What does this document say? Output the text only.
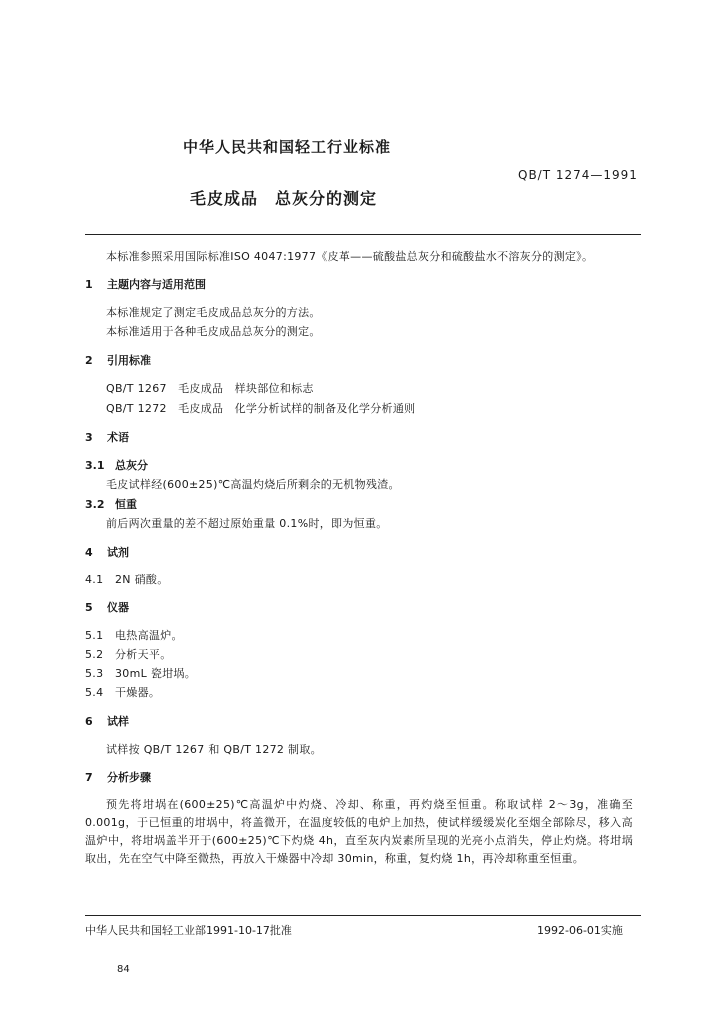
中华人民共和国轻工行业标准
QB/T 1274—1991
毛皮成品　总灰分的测定
本标准参照采用国际标准ISO 4047:1977《皮革——硫酸盐总灰分和硫酸盐水不溶灰分的测定》。
1 主题内容与适用范围
本标准规定了测定毛皮成品总灰分的方法。
本标准适用于各种毛皮成品总灰分的测定。
2 引用标准
QB/T 1267　毛皮成品　样块部位和标志
QB/T 1272　毛皮成品　化学分析试样的制备及化学分析通则
3 术语
3.1 总灰分
毛皮试样经(600±25)℃高温灼烧后所剩余的无机物残渣。
3.2 恒重
前后两次重量的差不超过原始重量 0.1%时，即为恒重。
4 试剂
4.1 2N 硝酸。
5 仪器
5.1 电热高温炉。
5.2 分析天平。
5.3 30mL 瓷坩埚。
5.4 干燥器。
6 试样
试样按 QB/T 1267 和 QB/T 1272 制取。
7 分析步骤
预先将坩埚在(600±25)℃高温炉中灼烧、冷却、称重，再灼烧至恒重。称取试样 2～3g，准确至 0.001g，于已恒重的坩埚中，将盖微开，在温度较低的电炉上加热，使试样缓缓炭化至烟全部除尽，移入高温炉中，将坩埚盖半开于(600±25)℃下灼烧 4h，直至灰内炭素所呈现的光亮小点消失，停止灼烧。将坩埚取出，先在空气中降至微热，再放入干燥器中冷却 30min，称重，复灼烧 1h，再冷却称重至恒重。
中华人民共和国轻工业部1991-10-17批准	1992-06-01实施
84
